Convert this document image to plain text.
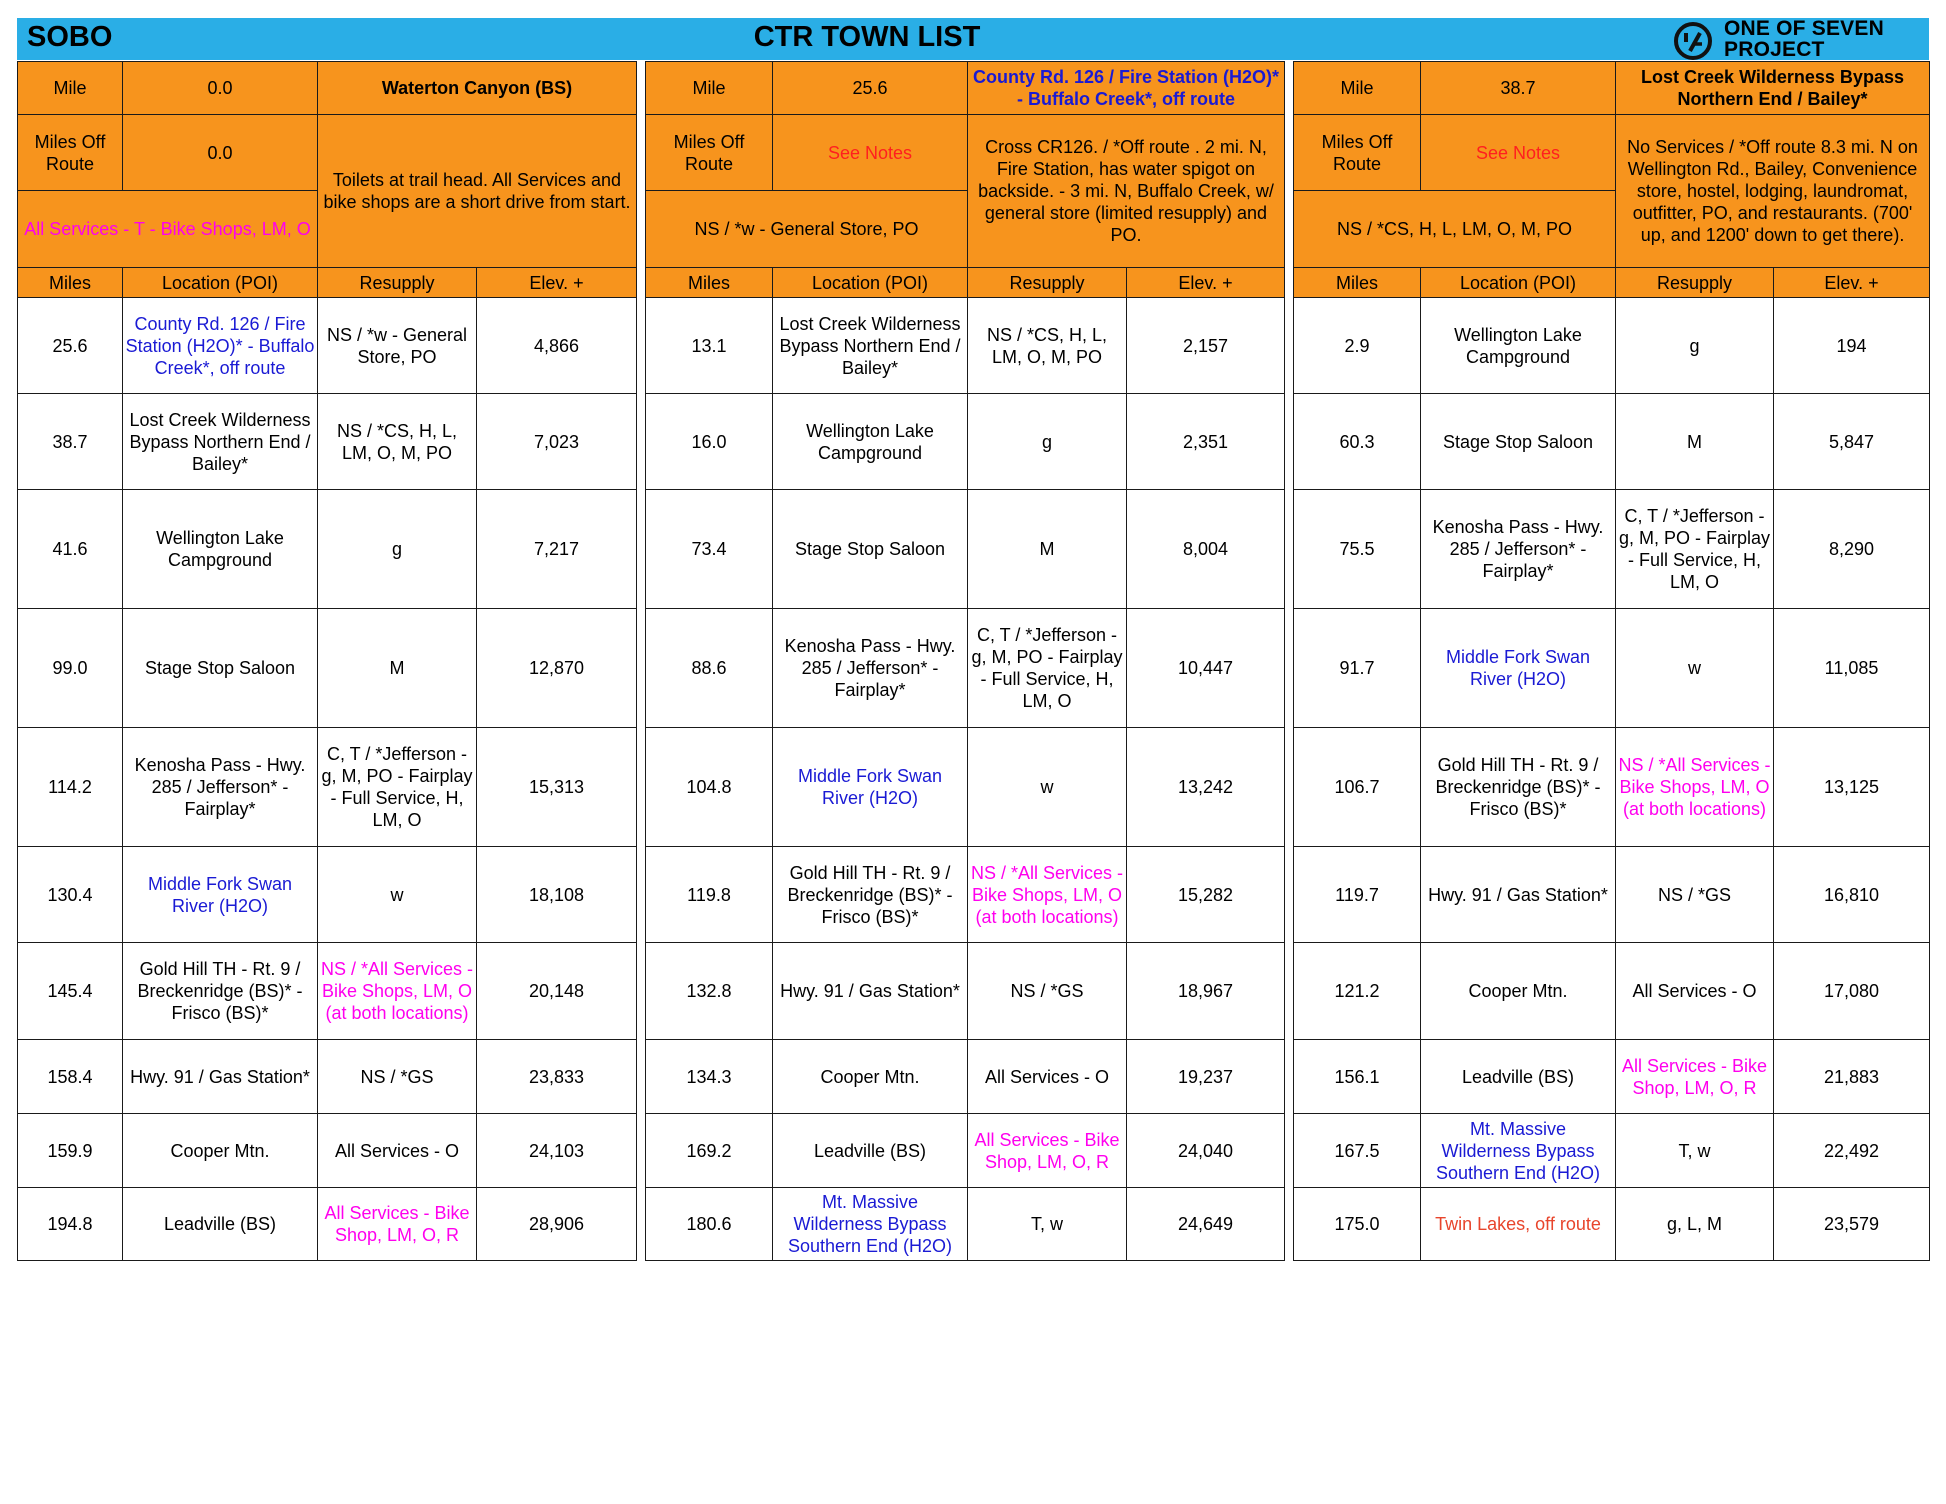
SOBO	CTR TOWN LIST	ONE OF SEVEN
PROJECT
Mile	0.0	Waterton Canyon (BS)	
Miles Off Route	0.0	Toilets at trail head. All Services and bike shops are a short drive from start.	
All Services - T - Bike Shops, LM, O			
Miles	Location (POI)	Resupply	Elev. +
25.6	County Rd. 126 / Fire Station (H2O)* - Buffalo Creek*, off route	NS / *w - General Store, PO	4,866
38.7	Lost Creek Wilderness Bypass Northern End / Bailey*	NS / *CS, H, L, LM, O, M, PO	7,023
41.6	Wellington Lake Campground	g	7,217
99.0	Stage Stop Saloon	M	12,870
114.2	Kenosha Pass - Hwy. 285 / Jefferson* - Fairplay*	C, T / *Jefferson - g, M, PO - Fairplay - Full Service, H, LM, O	15,313
130.4	Middle Fork Swan River (H2O)	w	18,108
145.4	Gold Hill TH - Rt. 9 / Breckenridge (BS)* - Frisco (BS)*	NS / *All Services - Bike Shops, LM, O (at both locations)	20,148
158.4	Hwy. 91 / Gas Station*	NS / *GS	23,833
159.9	Cooper Mtn.	All Services - O	24,103
194.8	Leadville (BS)	All Services - Bike Shop, LM, O, R	28,906
Mile	25.6	County Rd. 126 / Fire Station (H2O)* - Buffalo Creek*, off route	
Miles Off Route	See Notes	Cross CR126. / *Off route . 2 mi. N, Fire Station, has water spigot on backside. - 3 mi. N, Buffalo Creek, w/ general store (limited resupply) and PO.	
NS / *w - General Store, PO			
Miles	Location (POI)	Resupply	Elev. +
13.1	Lost Creek Wilderness Bypass Northern End / Bailey*	NS / *CS, H, L, LM, O, M, PO	2,157
16.0	Wellington Lake Campground	g	2,351
73.4	Stage Stop Saloon	M	8,004
88.6	Kenosha Pass - Hwy. 285 / Jefferson* - Fairplay*	C, T / *Jefferson - g, M, PO - Fairplay - Full Service, H, LM, O	10,447
104.8	Middle Fork Swan River (H2O)	w	13,242
119.8	Gold Hill TH - Rt. 9 / Breckenridge (BS)* - Frisco (BS)*	NS / *All Services - Bike Shops, LM, O (at both locations)	15,282
132.8	Hwy. 91 / Gas Station*	NS / *GS	18,967
134.3	Cooper Mtn.	All Services - O	19,237
169.2	Leadville (BS)	All Services - Bike Shop, LM, O, R	24,040
180.6	Mt. Massive Wilderness Bypass Southern End (H2O)	T, w	24,649
Mile	38.7	Lost Creek Wilderness Bypass Northern End / Bailey*	
Miles Off Route	See Notes	No Services / *Off route 8.3 mi. N on Wellington Rd., Bailey, Convenience store, hostel, lodging, laundromat, outfitter, PO, and restaurants. (700' up, and 1200' down to get there).	
NS / *CS, H, L, LM, O, M, PO			
Miles	Location (POI)	Resupply	Elev. +
2.9	Wellington Lake Campground	g	194
60.3	Stage Stop Saloon	M	5,847
75.5	Kenosha Pass - Hwy. 285 / Jefferson* - Fairplay*	C, T / *Jefferson - g, M, PO - Fairplay - Full Service, H, LM, O	8,290
91.7	Middle Fork Swan River (H2O)	w	11,085
106.7	Gold Hill TH - Rt. 9 / Breckenridge (BS)* - Frisco (BS)*	NS / *All Services - Bike Shops, LM, O (at both locations)	13,125
119.7	Hwy. 91 / Gas Station*	NS / *GS	16,810
121.2	Cooper Mtn.	All Services - O	17,080
156.1	Leadville (BS)	All Services - Bike Shop, LM, O, R	21,883
167.5	Mt. Massive Wilderness Bypass Southern End (H2O)	T, w	22,492
175.0	Twin Lakes, off route	g, L, M	23,579
